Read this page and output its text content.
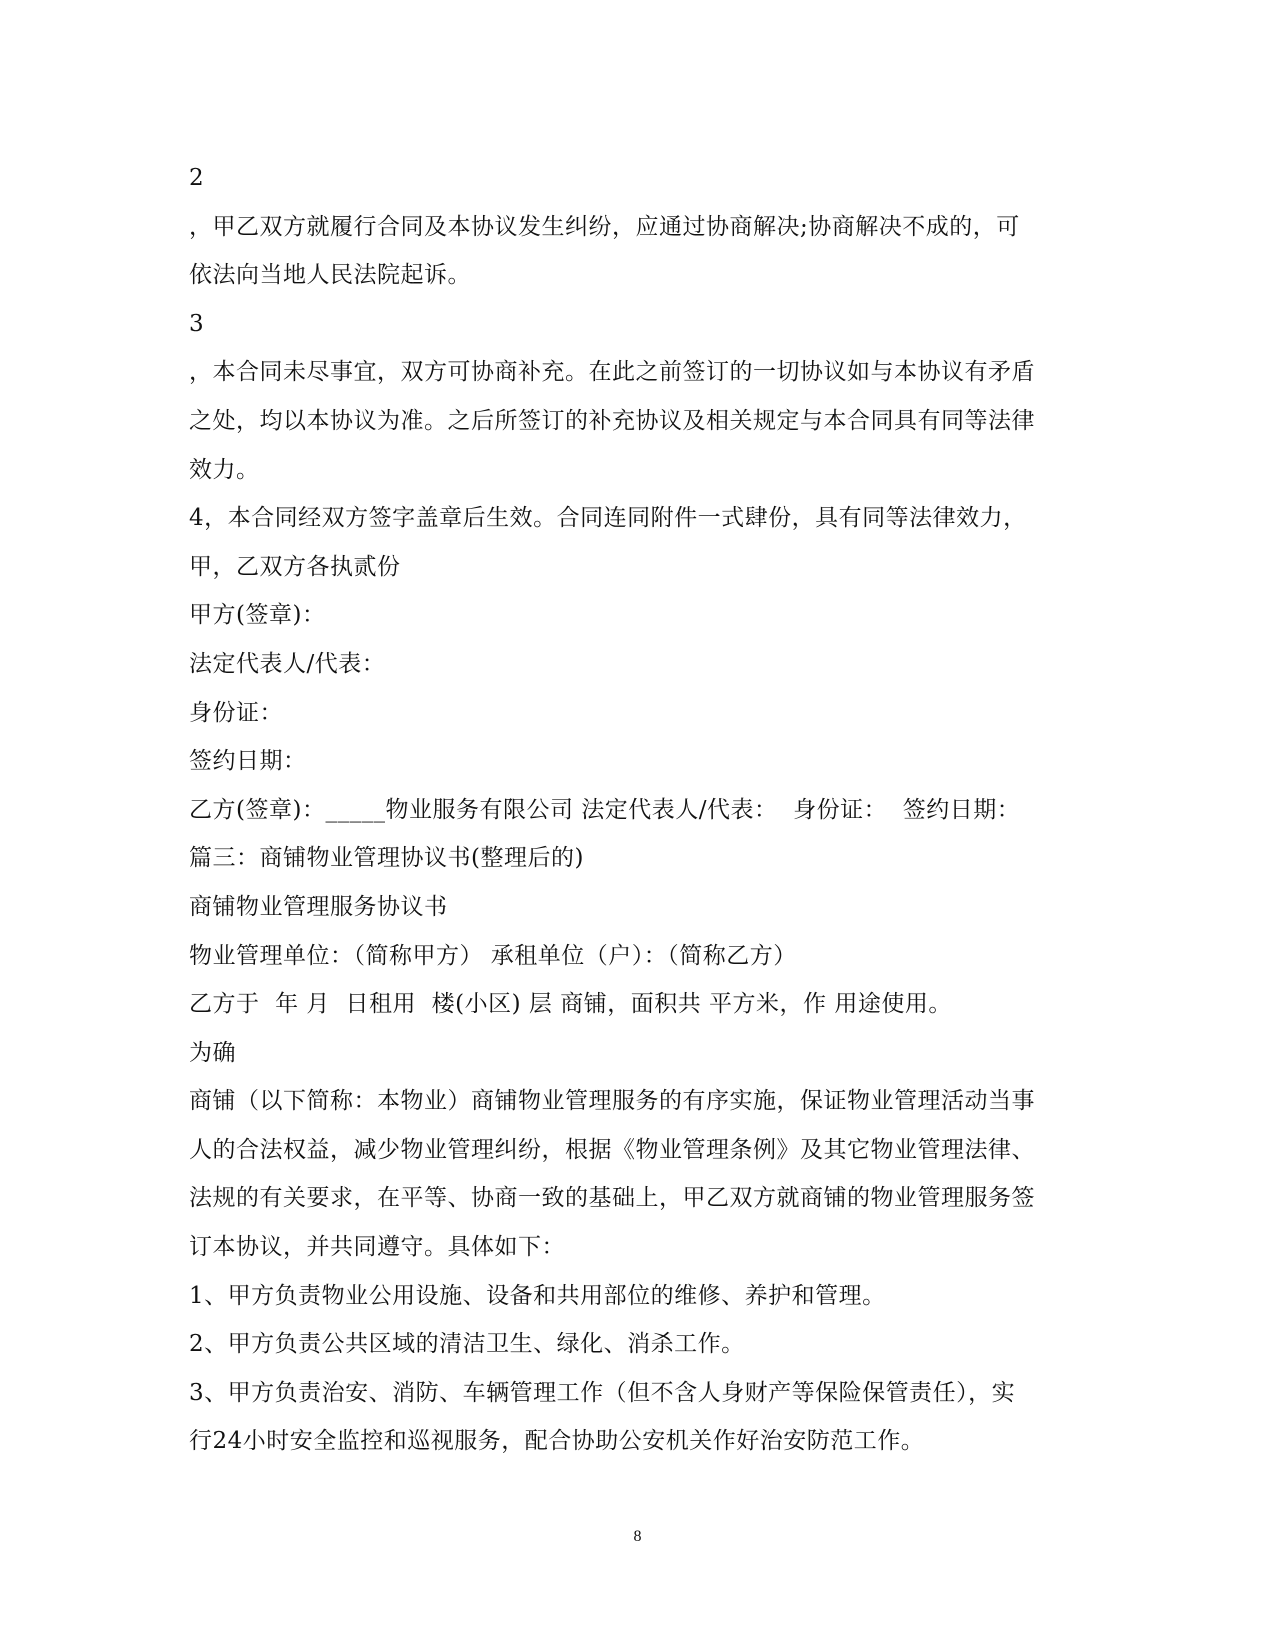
2
，甲乙双方就履行合同及本协议发生纠纷，应通过协商解决;协商解决不成的，可
依法向当地人民法院起诉。
3
，本合同未尽事宜，双方可协商补充。在此之前签订的一切协议如与本协议有矛盾
之处，均以本协议为准。之后所签订的补充协议及相关规定与本合同具有同等法律
效力。
4，本合同经双方签字盖章后生效。合同连同附件一式肆份，具有同等法律效力，
甲，乙双方各执贰份
甲方(签章)：
法定代表人/代表：
身份证：
签约日期：
乙方(签章)：_____物业服务有限公司 法定代表人/代表：  身份证：  签约日期：
篇三：商铺物业管理协议书(整理后的)
商铺物业管理服务协议书
物业管理单位：（简称甲方） 承租单位（户）：（简称乙方）
乙方于  年 月  日租用  楼(小区) 层 商铺，面积共 平方米，作 用途使用。
为确
商铺（以下简称：本物业）商铺物业管理服务的有序实施，保证物业管理活动当事
人的合法权益，减少物业管理纠纷，根据《物业管理条例》及其它物业管理法律、
法规的有关要求，在平等、协商一致的基础上，甲乙双方就商铺的物业管理服务签
订本协议，并共同遵守。具体如下：
1、甲方负责物业公用设施、设备和共用部位的维修、养护和管理。
2、甲方负责公共区域的清洁卫生、绿化、消杀工作。
3、甲方负责治安、消防、车辆管理工作（但不含人身财产等保险保管责任），实
行24小时安全监控和巡视服务，配合协助公安机关作好治安防范工作。
8
